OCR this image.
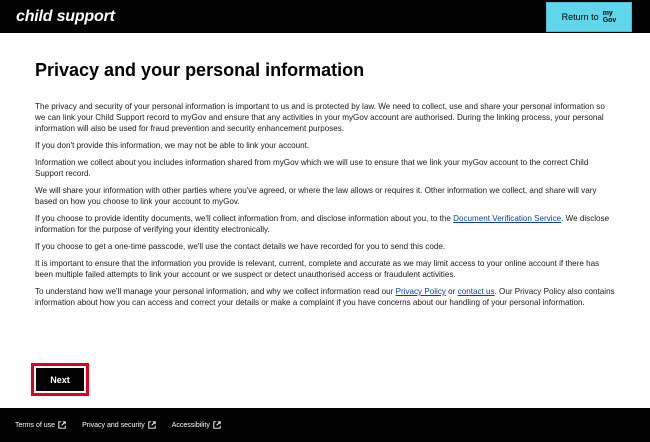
child support	Return to my
Gov
Privacy and your personal information

The privacy and security of your personal information is important to us and is protected by law. We need to collect, use and share your personal information so we can link your Child Support record to myGov and ensure that any activities in your myGov account are authorised. During the linking process, your personal information will also be used for fraud prevention and security enhancement purposes.

If you don't provide this information, we may not be able to link your account.

Information we collect about you includes information shared from myGov which we will use to ensure that we link your myGov account to the correct Child Support record.

We will share your information with other parties where you've agreed, or where the law allows or requires it. Other information we collect, and share will vary based on how you choose to link your account to myGov.

If you choose to provide identity documents, we'll collect information from, and disclose information about you, to the Document Verification Service. We disclose information for the purpose of verifying your identity electronically.

If you choose to get a one-time passcode, we'll use the contact details we have recorded for you to send this code.

It is important to ensure that the information you provide is relevant, current, complete and accurate as we may limit access to your online account if there has been multiple failed attempts to link your account or we suspect or detect unauthorised access or fraudulent activities.

To understand how we'll manage your personal information, and why we collect information read our Privacy Policy or contact us. Our Privacy Policy also contains information about how you can access and correct your details or make a complaint if you have concerns about our handling of your personal information.

Next
Terms of use	Privacy and security	Accessibility
